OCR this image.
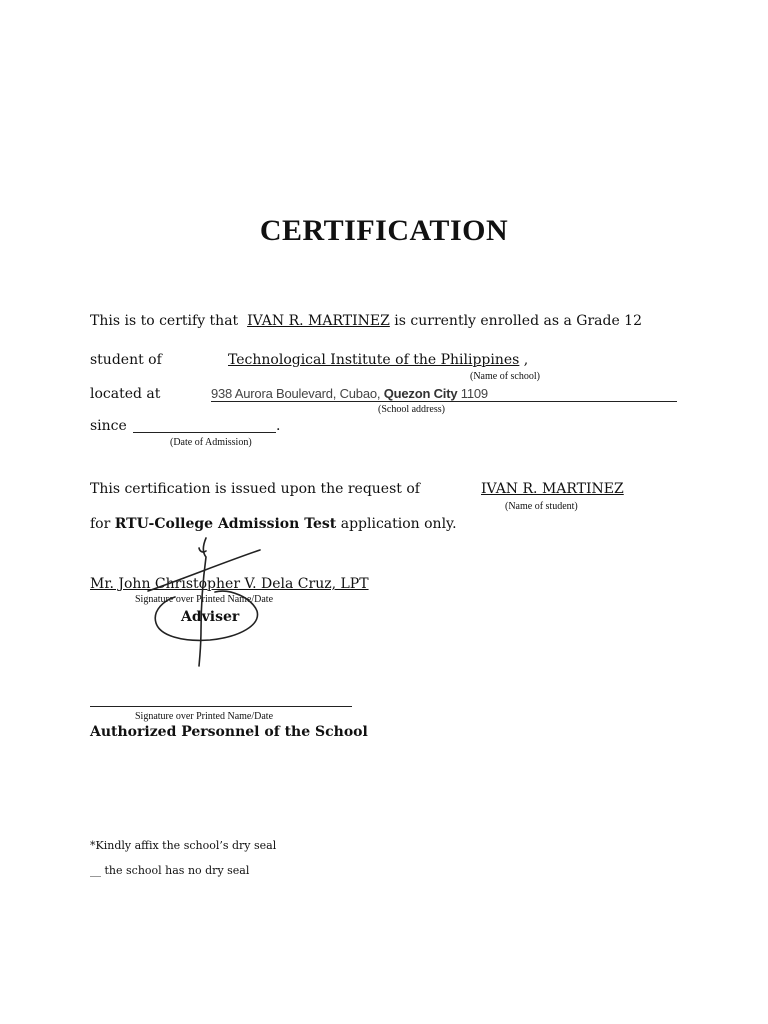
CERTIFICATION
This is to certify that IVAN R. MARTINEZ is currently enrolled as a Grade 12
student of	Technological Institute of the Philippines ,
(Name of school)
located at	938 Aurora Boulevard, Cubao, Quezon City 1109
(School address)
since	.
(Date of Admission)
This certification is issued upon the request of	IVAN R. MARTINEZ
(Name of student)
for RTU-College Admission Test application only.
Mr. John Christopher V. Dela Cruz, LPT
Signature over Printed Name/Date
Adviser
Signature over Printed Name/Date
Authorized Personnel of the School
*Kindly affix the school’s dry seal
__ the school has no dry seal
